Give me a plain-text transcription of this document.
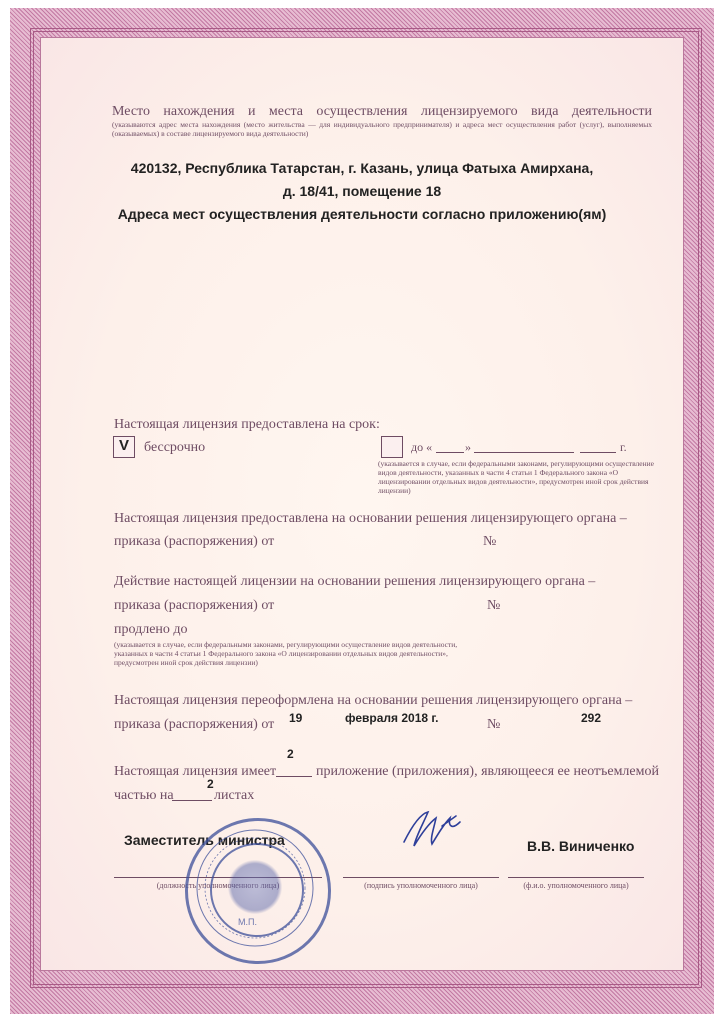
Место нахождения и места осуществления лицензируемого вида деятельности
(указываются адрес места нахождения (место жительства — для индивидуального предпринимателя) и адреса мест осуществления работ (услуг), выполняемых (оказываемых) в составе лицензируемого вида деятельности)
420132, Республика Татарстан, г. Казань, улица Фатыха Амирхана,
д. 18/41, помещение 18
Адреса мест осуществления деятельности согласно приложению(ям)
Настоящая лицензия предоставлена на срок:
V бессрочно	до «	»	г.
(указывается в случае, если федеральными законами, регулирующими осуществление видов деятельности, указанных в части 4 статьи 1 Федерального закона «О лицензировании отдельных видов деятельности», предусмотрен иной срок действия лицензии)
Настоящая лицензия предоставлена на основании решения лицензирующего органа –
приказа (распоряжения) от	№
Действие настоящей лицензии на основании решения лицензирующего органа –
приказа (распоряжения) от	№
продлено до
(указывается в случае, если федеральными законами, регулирующими осуществление видов деятельности, указанных в части 4 статьи 1 Федерального закона «О лицензировании отдельных видов деятельности», предусмотрен иной срок действия лицензии)
Настоящая лицензия переоформлена на основании решения лицензирующего органа –
приказа (распоряжения) от 19	февраля 2018 г.	№	292
2
Настоящая лицензия имеет	приложение (приложения), являющееся ее неотъемлемой
2
частью на	листах
Заместитель министра	В.В. Виниченко
(должность уполномоченного лица)	(подпись уполномоченного лица)	(ф.и.о. уполномоченного лица)
М.П.
